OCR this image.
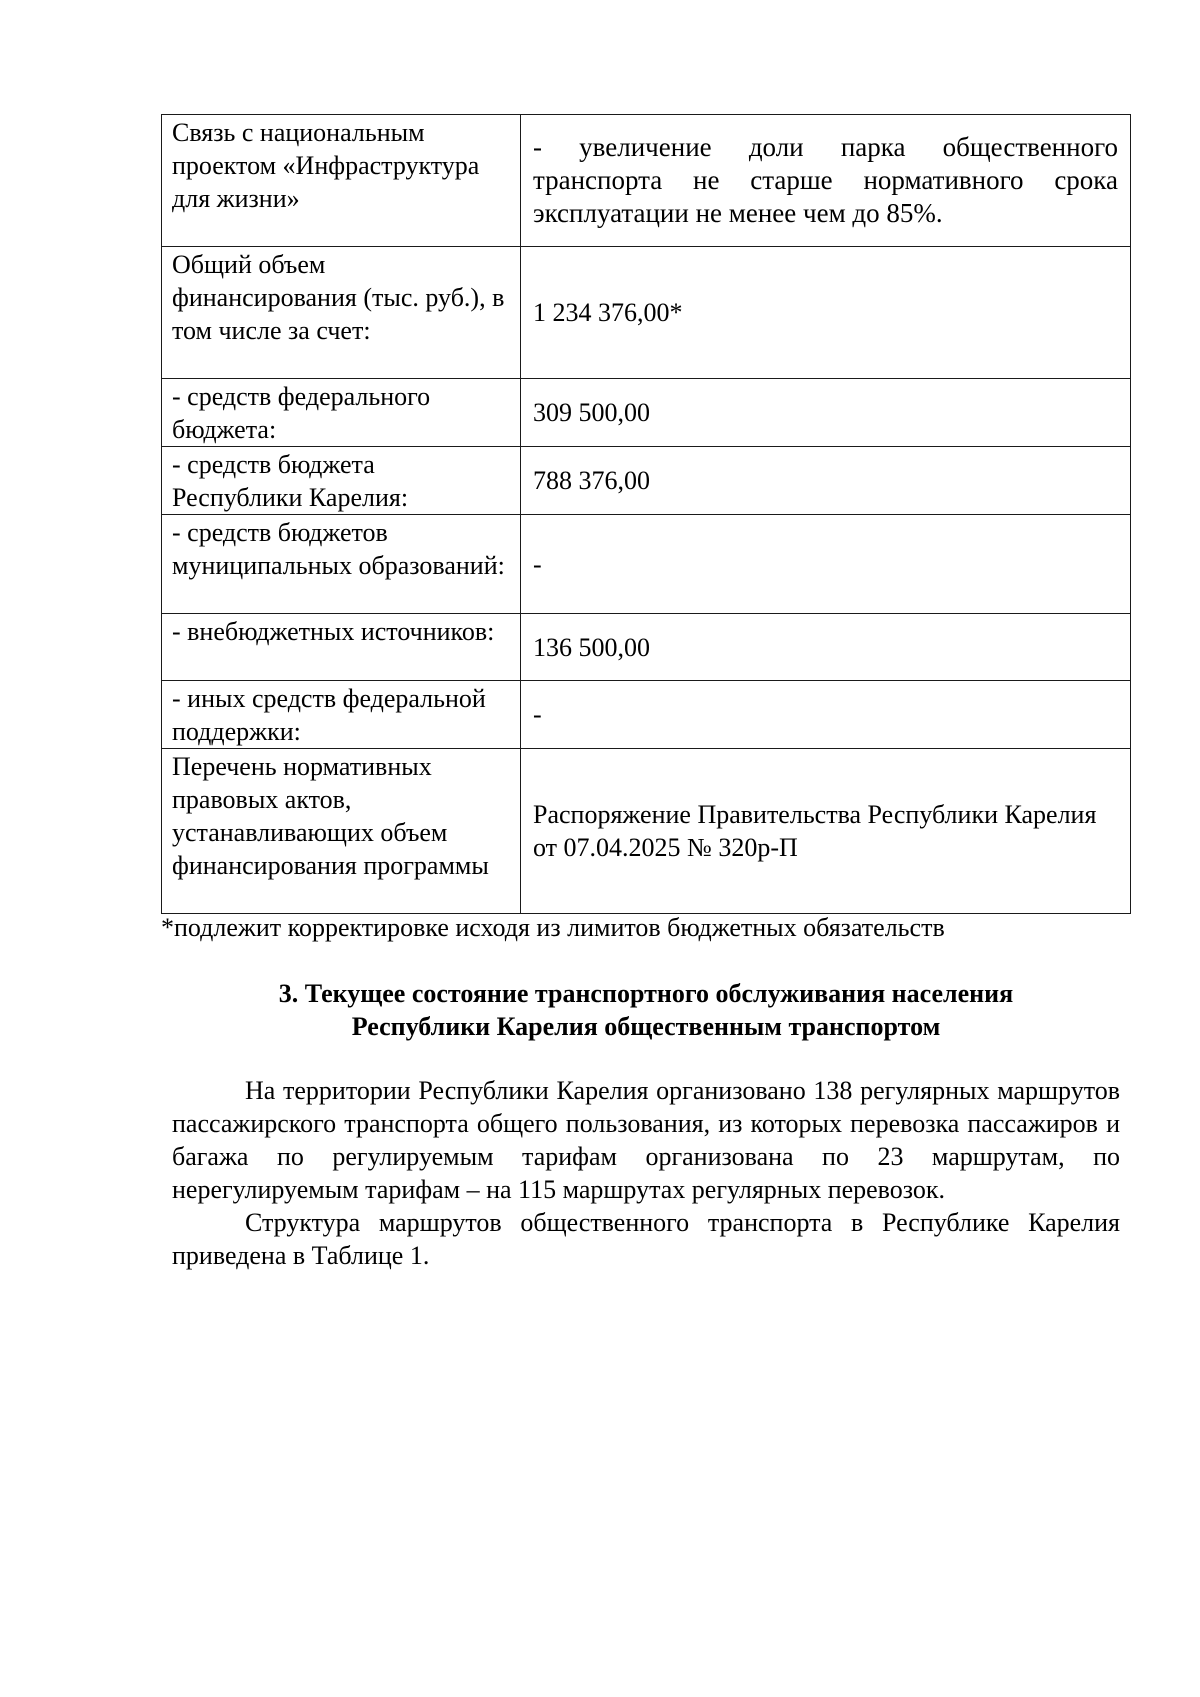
Связь с национальным проектом «Инфраструктура для жизни»	- увеличение доли парка общественного транспорта не старше нормативного срока эксплуатации не менее чем до 85%.
Общий объем финансирования (тыс. руб.), в том числе за счет:	1 234 376,00*
- средств федерального бюджета:	309 500,00
- средств бюджета Республики Карелия:	788 376,00
- средств бюджетов муниципальных образований:	-
- внебюджетных источников:	136 500,00
- иных средств федеральной поддержки:	-
Перечень нормативных правовых актов, устанавливающих объем финансирования программы	Распоряжение Правительства Республики Карелия от 07.04.2025 № 320р-П
*подлежит корректировке исходя из лимитов бюджетных обязательств
3. Текущее состояние транспортного обслуживания населения
Республики Карелия общественным транспортом

На территории Республики Карелия организовано 138 регулярных маршрутов пассажирского транспорта общего пользования, из которых перевозка пассажиров и багажа по регулируемым тарифам организована по 23 маршрутам, по нерегулируемым тарифам – на 115 маршрутах регулярных перевозок.

Структура маршрутов общественного транспорта в Республике Карелия приведена в Таблице 1.
